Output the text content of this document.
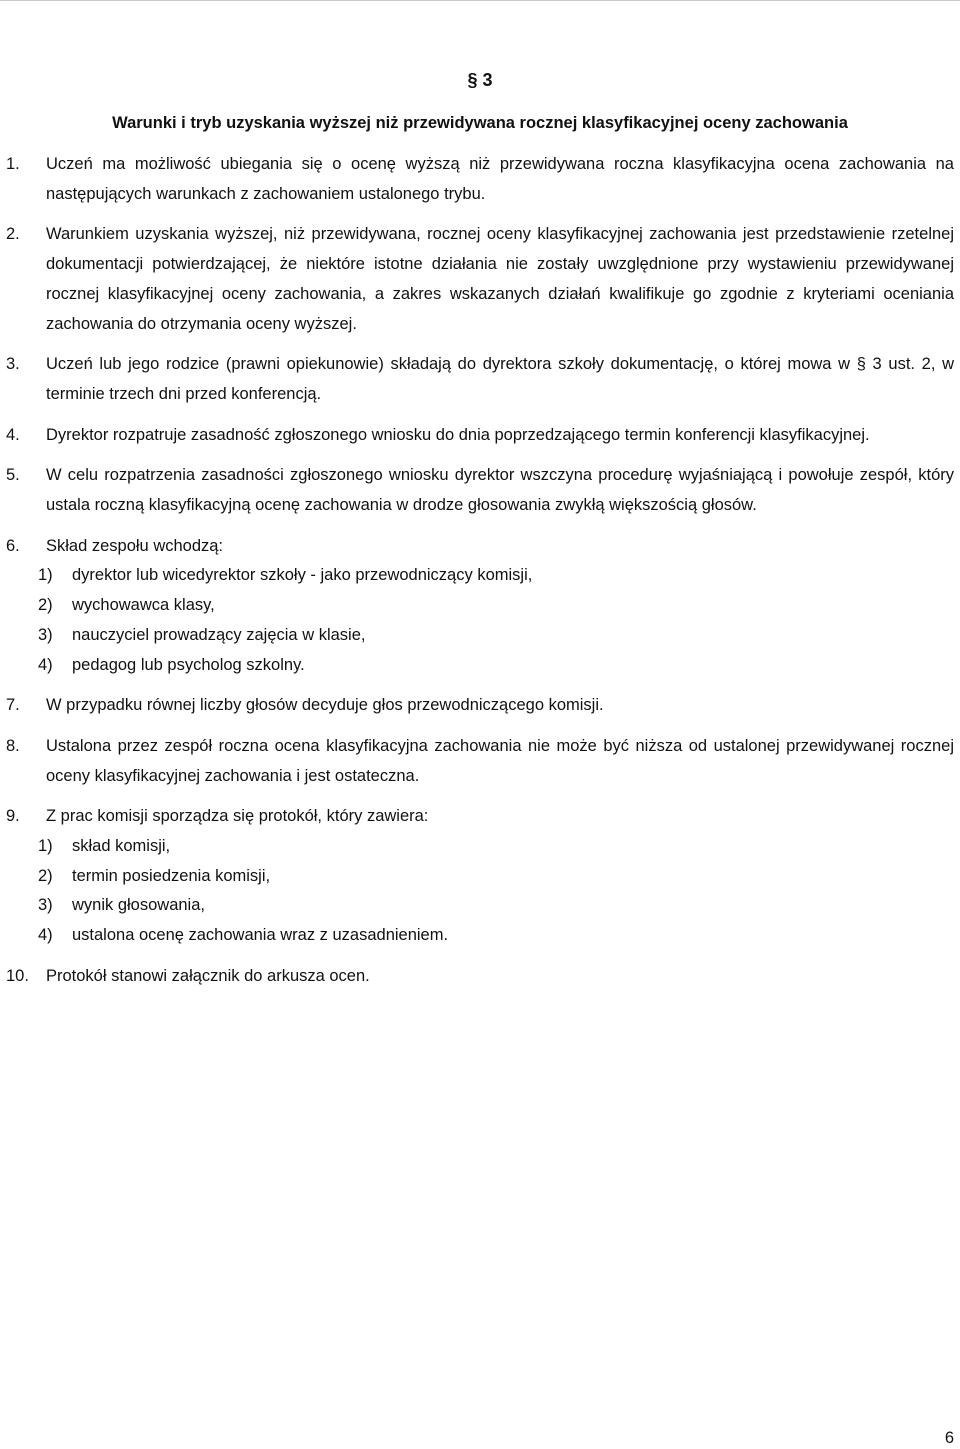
§ 3
Warunki i tryb uzyskania wyższej niż przewidywana rocznej klasyfikacyjnej oceny zachowania
1. Uczeń ma możliwość ubiegania się o ocenę wyższą niż przewidywana roczna klasyfikacyjna ocena zachowania na następujących warunkach z zachowaniem ustalonego trybu.
2. Warunkiem uzyskania wyższej, niż przewidywana, rocznej oceny klasyfikacyjnej zachowania jest przedstawienie rzetelnej dokumentacji potwierdzającej, że niektóre istotne działania nie zostały uwzględnione przy wystawieniu przewidywanej rocznej klasyfikacyjnej oceny zachowania, a zakres wskazanych działań kwalifikuje go zgodnie z kryteriami oceniania zachowania do otrzymania oceny wyższej.
3. Uczeń lub jego rodzice (prawni opiekunowie) składają do dyrektora szkoły dokumentację, o której mowa w § 3 ust. 2, w terminie trzech dni przed konferencją.
4. Dyrektor rozpatruje zasadność zgłoszonego wniosku do dnia poprzedzającego termin konferencji klasyfikacyjnej.
5. W celu rozpatrzenia zasadności zgłoszonego wniosku dyrektor wszczyna procedurę wyjaśniającą i powołuje zespół, który ustala roczną klasyfikacyjną ocenę zachowania w drodze głosowania zwykłą większością głosów.
6. Skład zespołu wchodzą:
1) dyrektor lub wicedyrektor szkoły - jako przewodniczący komisji,
2) wychowawca klasy,
3) nauczyciel prowadzący zajęcia w klasie,
4) pedagog lub psycholog szkolny.
7. W przypadku równej liczby głosów decyduje głos przewodniczącego komisji.
8. Ustalona przez zespół roczna ocena klasyfikacyjna zachowania nie może być niższa od ustalonej przewidywanej rocznej oceny klasyfikacyjnej zachowania i jest ostateczna.
9. Z prac komisji sporządza się protokół, który zawiera:
1) skład komisji,
2) termin posiedzenia komisji,
3) wynik głosowania,
4) ustalona ocenę zachowania wraz z uzasadnieniem.
10. Protokół stanowi załącznik do arkusza ocen.
6
